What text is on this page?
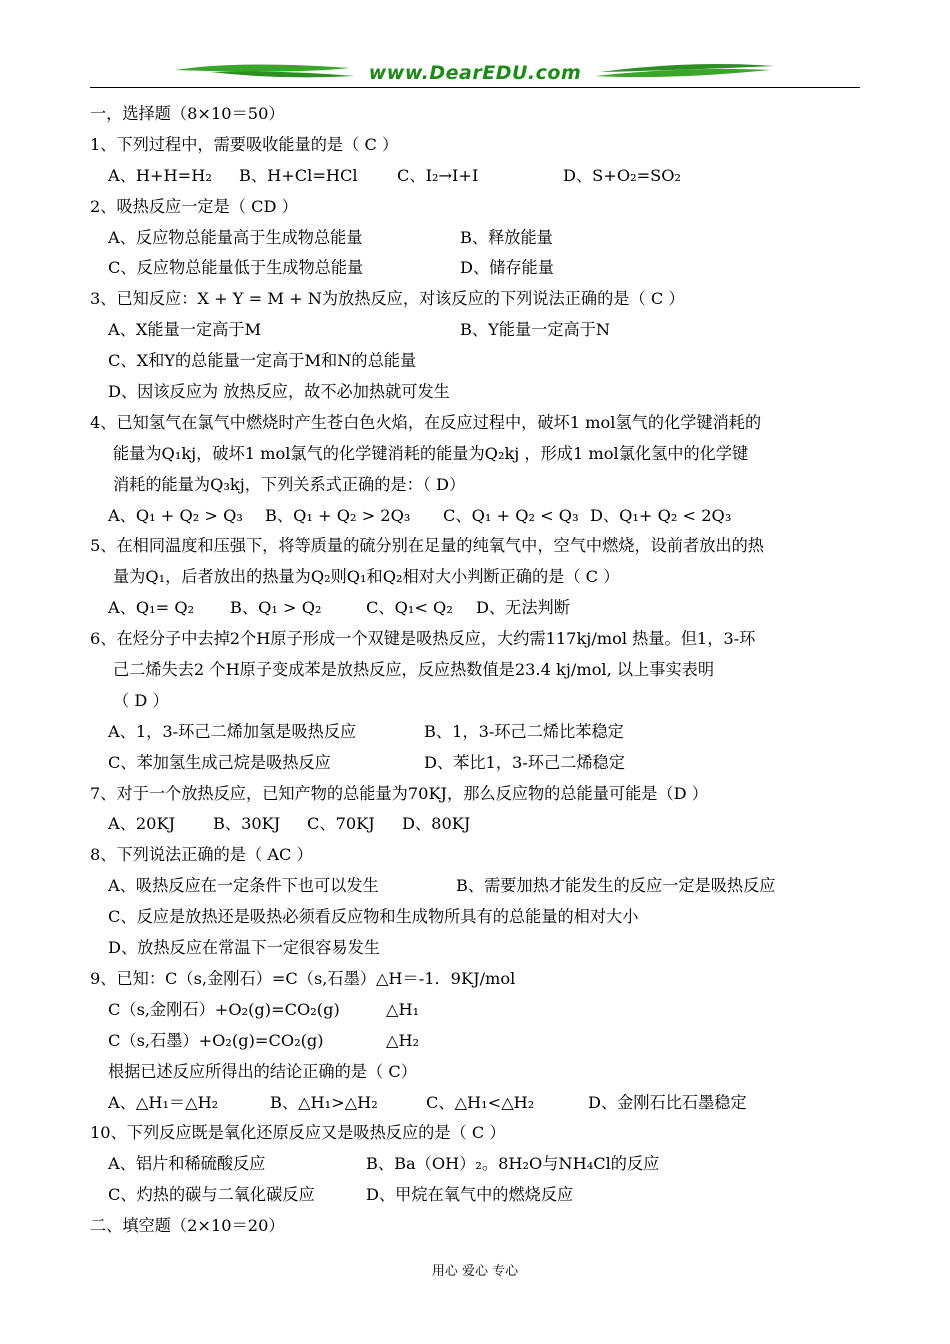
www.DearEDU.com
一，选择题（8×10＝50）
1、下列过程中，需要吸收能量的是（ C ）
A、H+H=H₂	B、H+Cl=HCl	C、I₂→I+I	D、S+O₂=SO₂
2、吸热反应一定是（ CD ）
A、反应物总能量高于生成物总能量	B、释放能量
C、反应物总能量低于生成物总能量	D、储存能量
3、已知反应：X + Y = M + N为放热反应，对该反应的下列说法正确的是（ C ）
A、X能量一定高于M	B、Y能量一定高于N
C、X和Y的总能量一定高于M和N的总能量
D、因该反应为 放热反应，故不必加热就可发生
4、已知氢气在氯气中燃烧时产生苍白色火焰，在反应过程中，破坏1 mol氢气的化学键消耗的
能量为Q₁kj，破坏1 mol氯气的化学键消耗的能量为Q₂kj ，形成1 mol氯化氢中的化学键
消耗的能量为Q₃kj，下列关系式正确的是：（ D）
A、Q₁ + Q₂ > Q₃	B、Q₁ + Q₂ > 2Q₃	C、Q₁ + Q₂ < Q₃ D、Q₁+ Q₂ < 2Q₃
5、在相同温度和压强下，将等质量的硫分别在足量的纯氧气中，空气中燃烧，设前者放出的热
量为Q₁，后者放出的热量为Q₂则Q₁和Q₂相对大小判断正确的是（ C ）
A、Q₁= Q₂	B、Q₁ > Q₂	C、Q₁< Q₂	D、无法判断
6、在烃分子中去掉2个H原子形成一个双键是吸热反应，大约需117kj/mol 热量。但1，3-环
己二烯失去2 个H原子变成苯是放热反应，反应热数值是23.4 kj/mol, 以上事实表明
（ D ）
A、1，3-环己二烯加氢是吸热反应	B、1，3-环己二烯比苯稳定
C、苯加氢生成己烷是吸热反应	D、苯比1，3-环己二烯稳定
7、对于一个放热反应，已知产物的总能量为70KJ，那么反应物的总能量可能是（D ）
A、20KJ	B、30KJ	C、70KJ	D、80KJ
8、下列说法正确的是（ AC ）
A、吸热反应在一定条件下也可以发生	B、需要加热才能发生的反应一定是吸热反应
C、反应是放热还是吸热必须看反应物和生成物所具有的总能量的相对大小
D、放热反应在常温下一定很容易发生
9、已知：C（s,金刚石）=C（s,石墨）△H＝-1．9KJ/mol
C（s,金刚石）+O₂(g)=CO₂(g)	△H₁
C（s,石墨）+O₂(g)=CO₂(g)	△H₂
根据已述反应所得出的结论正确的是（ C）
A、△H₁＝△H₂	B、△H₁>△H₂	C、△H₁<△H₂	D、金刚石比石墨稳定
10、下列反应既是氧化还原反应又是吸热反应的是（ C ）
A、铝片和稀硫酸反应	B、Ba（OH）₂。8H₂O与NH₄Cl的反应
C、灼热的碳与二氧化碳反应	D、甲烷在氧气中的燃烧反应
二、填空题（2×10＝20）
用心 爱心 专心
